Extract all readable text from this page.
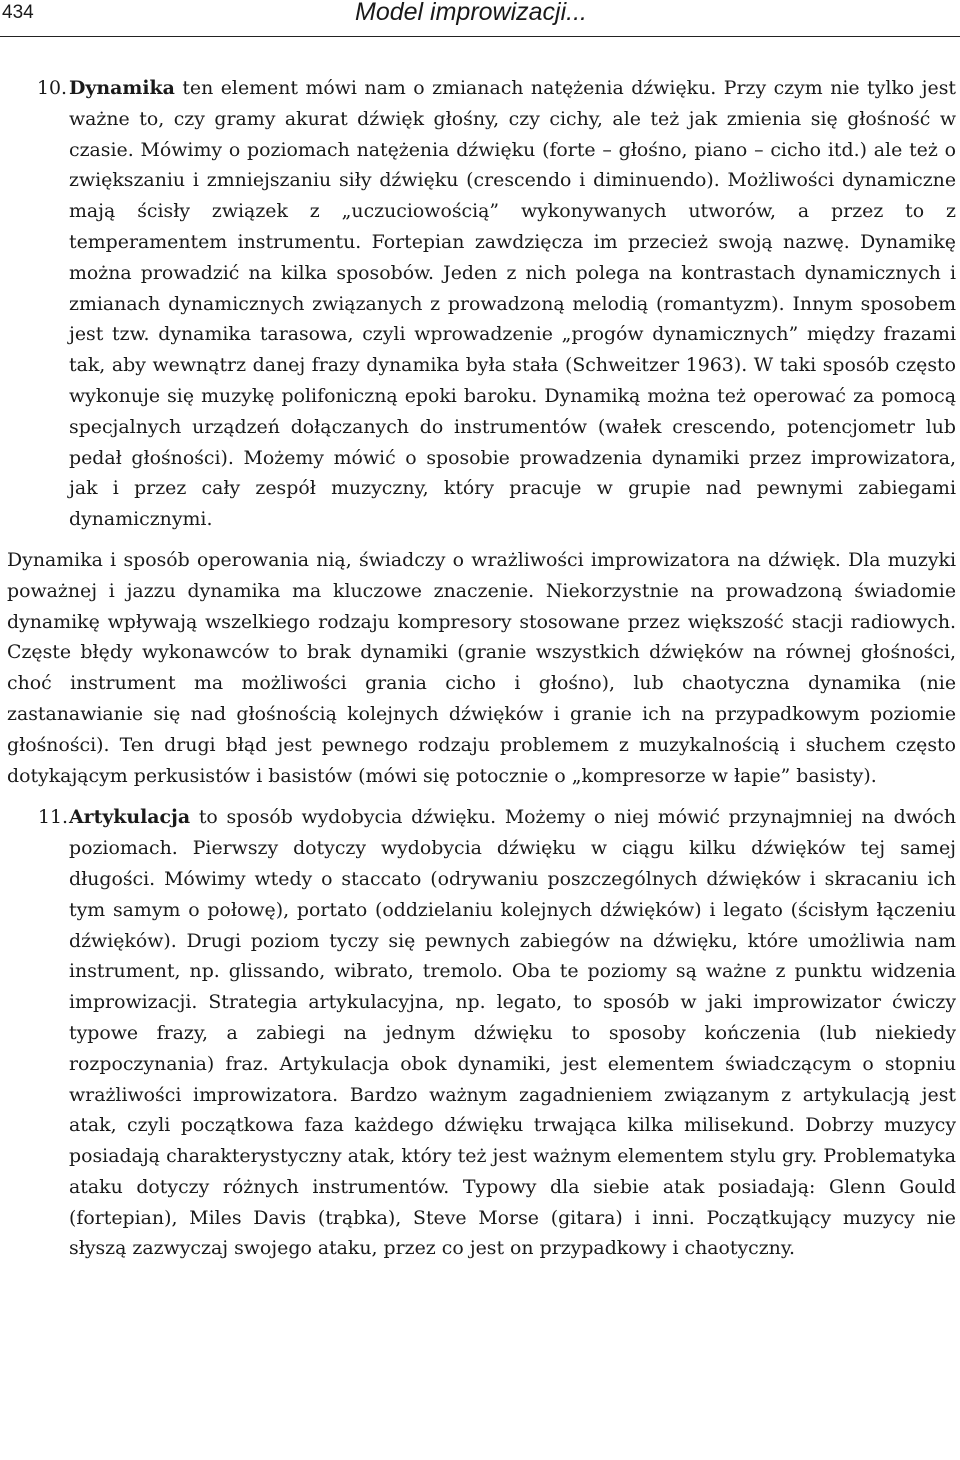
434	Model improwizacji...
10. Dynamika ten element mówi nam o zmianach natężenia dźwięku. Przy czym nie tylko jest ważne to, czy gramy akurat dźwięk głośny, czy cichy, ale też jak zmienia się głośność w czasie. Mówimy o poziomach natężenia dźwięku (forte – głośno, piano – cicho itd.) ale też o zwiększaniu i zmniejszaniu siły dźwięku (crescendo i diminuendo). Możliwości dynamiczne mają ścisły związek z „uczuciowością” wykonywanych utworów, a przez to z temperamentem instrumentu. Fortepian zawdzięcza im przecież swoją nazwę. Dynamikę można prowadzić na kilka sposobów. Jeden z nich polega na kontrastach dynamicznych i zmianach dynamicznych związanych z prowadzoną melodią (romantyzm). Innym sposobem jest tzw. dynamika tarasowa, czyli wprowadzenie „progów dynamicznych” między frazami tak, aby wewnątrz danej frazy dynamika była stała (Schweitzer 1963). W taki sposób często wykonuje się muzykę polifoniczną epoki baroku. Dynamiką można też operować za pomocą specjalnych urządzeń dołączanych do instrumentów (wałek crescendo, potencjometr lub pedał głośności). Możemy mówić o sposobie prowadzenia dynamiki przez improwizatora, jak i przez cały zespół muzyczny, który pracuje w grupie nad pewnymi zabiegami dynamicznymi.

Dynamika i sposób operowania nią, świadczy o wrażliwości improwizatora na dźwięk. Dla muzyki poważnej i jazzu dynamika ma kluczowe znaczenie. Niekorzystnie na prowadzoną świadomie dynamikę wpływają wszelkiego rodzaju kompresory stosowane przez większość stacji radiowych. Częste błędy wykonawców to brak dynamiki (granie wszystkich dźwięków na równej głośności, choć instrument ma możliwości grania cicho i głośno), lub chaotyczna dynamika (nie zastanawianie się nad głośnością kolejnych dźwięków i granie ich na przypadkowym poziomie głośności). Ten drugi błąd jest pewnego rodzaju problemem z muzykalnością i słuchem często dotykającym perkusistów i basistów (mówi się potocznie o „kompresorze w łapie” basisty).

11. Artykulacja to sposób wydobycia dźwięku. Możemy o niej mówić przynajmniej na dwóch poziomach. Pierwszy dotyczy wydobycia dźwięku w ciągu kilku dźwięków tej samej długości. Mówimy wtedy o staccato (odrywaniu poszczególnych dźwięków i skracaniu ich tym samym o połowę), portato (oddzielaniu kolejnych dźwięków) i legato (ścisłym łączeniu dźwięków). Drugi poziom tyczy się pewnych zabiegów na dźwięku, które umożliwia nam instrument, np. glissando, wibrato, tremolo. Oba te poziomy są ważne z punktu widzenia improwizacji. Strategia artykulacyjna, np. legato, to sposób w jaki improwizator ćwiczy typowe frazy, a zabiegi na jednym dźwięku to sposoby kończenia (lub niekiedy rozpoczynania) fraz. Artykulacja obok dynamiki, jest elementem świadczącym o stopniu wrażliwości improwizatora. Bardzo ważnym zagadnieniem związanym z artykulacją jest atak, czyli początkowa faza każdego dźwięku trwająca kilka milisekund. Dobrzy muzycy posiadają charakterystyczny atak, który też jest ważnym elementem stylu gry. Problematyka ataku dotyczy różnych instrumentów. Typowy dla siebie atak posiadają: Glenn Gould (fortepian), Miles Davis (trąbka), Steve Morse (gitara) i inni. Początkujący muzycy nie słyszą zazwyczaj swojego ataku, przez co jest on przypadkowy i chaotyczny.
